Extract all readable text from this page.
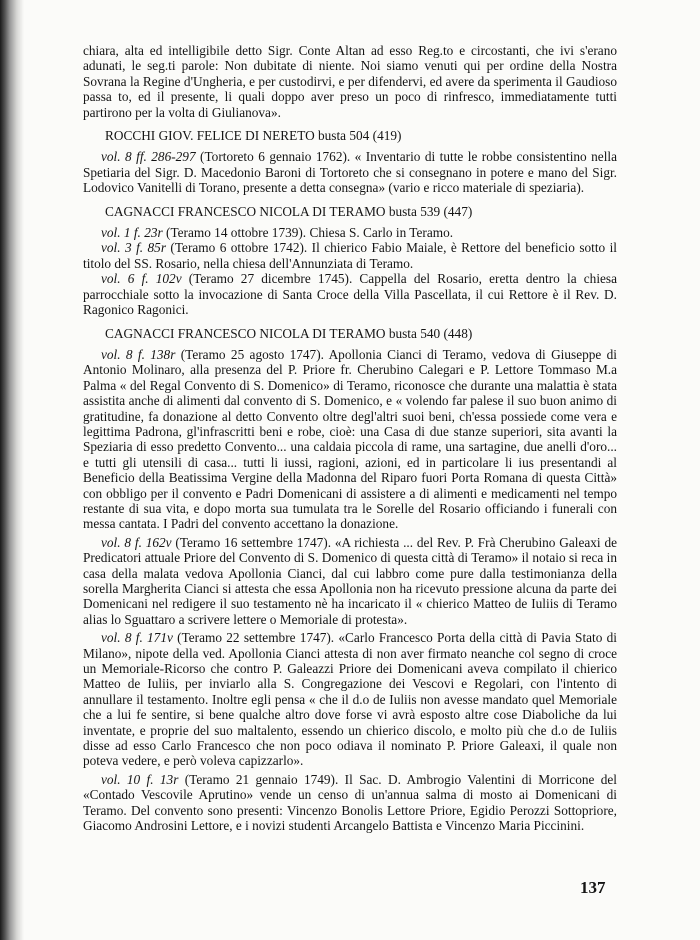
chiara, alta ed intelligibile detto Sigr. Conte Altan ad esso Reg.to e circostanti, che ivi s'erano adunati, le seg.ti parole: Non dubitate di niente. Noi siamo venuti qui per ordine della Nostra Sovrana la Regine d'Ungheria, e per custodirvi, e per difendervi, ed avere da sperimenta il Gaudioso passa to, ed il presente, li quali doppo aver preso un poco di rinfresco, immediatamente tutti partirono per la volta di Giulianova».

ROCCHI GIOV. FELICE DI NERETO busta 504 (419)

vol. 8 ff. 286-297 (Tortoreto 6 gennaio 1762). « Inventario di tutte le robbe consistentino nella Spetiaria del Sigr. D. Macedonio Baroni di Tortoreto che si consegnano in potere e mano del Sigr. Lodovico Vanitelli di Torano, presente a detta consegna» (vario e ricco materiale di speziaria).

CAGNACCI FRANCESCO NICOLA DI TERAMO busta 539 (447)

vol. 1 f. 23r (Teramo 14 ottobre 1739). Chiesa S. Carlo in Teramo.

vol. 3 f. 85r (Teramo 6 ottobre 1742). Il chierico Fabio Maiale, è Rettore del beneficio sotto il titolo del SS. Rosario, nella chiesa dell'Annunziata di Teramo.

vol. 6 f. 102v (Teramo 27 dicembre 1745). Cappella del Rosario, eretta dentro la chiesa parrocchiale sotto la invocazione di Santa Croce della Villa Pascellata, il cui Rettore è il Rev. D. Ragonico Ragonici.

CAGNACCI FRANCESCO NICOLA DI TERAMO busta 540 (448)

vol. 8 f. 138r (Teramo 25 agosto 1747). Apollonia Cianci di Teramo, vedova di Giuseppe di Antonio Molinaro, alla presenza del P. Priore fr. Cherubino Calegari e P. Lettore Tommaso M.a Palma « del Regal Convento di S. Domenico» di Teramo, riconosce che durante una malattia è stata assistita anche di alimenti dal convento di S. Domenico, e « volendo far palese il suo buon animo di gratitudine, fa donazione al detto Convento oltre degl'altri suoi beni, ch'essa possiede come vera e legittima Padrona, gl'infrascritti beni e robe, cioè: una Casa di due stanze superiori, sita avanti la Speziaria di esso predetto Convento... una caldaia piccola di rame, una sartagine, due anelli d'oro... e tutti gli utensili di casa... tutti li iussi, ragioni, azioni, ed in particolare li ius presentandi al Beneficio della Beatissima Vergine della Madonna del Riparo fuori Porta Romana di questa Città» con obbligo per il convento e Padri Domenicani di assistere a di alimenti e medicamenti nel tempo restante di sua vita, e dopo morta sua tumulata tra le Sorelle del Rosario officiando i funerali con messa cantata. I Padri del convento accettano la donazione.

vol. 8 f. 162v (Teramo 16 settembre 1747). «A richiesta ... del Rev. P. Frà Cherubino Galeaxi de Predicatori attuale Priore del Convento di S. Domenico di questa città di Teramo» il notaio si reca in casa della malata vedova Apollonia Cianci, dal cui labbro come pure dalla testimonianza della sorella Margherita Cianci si attesta che essa Apollonia non ha ricevuto pressione alcuna da parte dei Domenicani nel redigere il suo testamento nè ha incaricato il « chierico Matteo de Iuliis di Teramo alias lo Sguattaro a scrivere lettere o Memoriale di protesta».

vol. 8 f. 171v (Teramo 22 settembre 1747). «Carlo Francesco Porta della città di Pavia Stato di Milano», nipote della ved. Apollonia Cianci attesta di non aver firmato neanche col segno di croce un Memoriale-Ricorso che contro P. Galeazzi Priore dei Domenicani aveva compilato il chierico Matteo de Iuliis, per inviarlo alla S. Congregazione dei Vescovi e Regolari, con l'intento di annullare il testamento. Inoltre egli pensa « che il d.o de Iuliis non avesse mandato quel Memoriale che a lui fe sentire, si bene qualche altro dove forse vi avrà esposto altre cose Diaboliche da lui inventate, e proprie del suo maltalento, essendo un chierico discolo, e molto più che d.o de Iuliis disse ad esso Carlo Francesco che non poco odiava il nominato P. Priore Galeaxi, il quale non poteva vedere, e però voleva capizzarlo».

vol. 10 f. 13r (Teramo 21 gennaio 1749). Il Sac. D. Ambrogio Valentini di Morricone del «Contado Vescovile Aprutino» vende un censo di un'annua salma di mosto ai Domenicani di Teramo. Del convento sono presenti: Vincenzo Bonolis Lettore Priore, Egidio Perozzi Sottopriore, Giacomo Androsini Lettore, e i novizi studenti Arcangelo Battista e Vincenzo Maria Piccinini.

137
